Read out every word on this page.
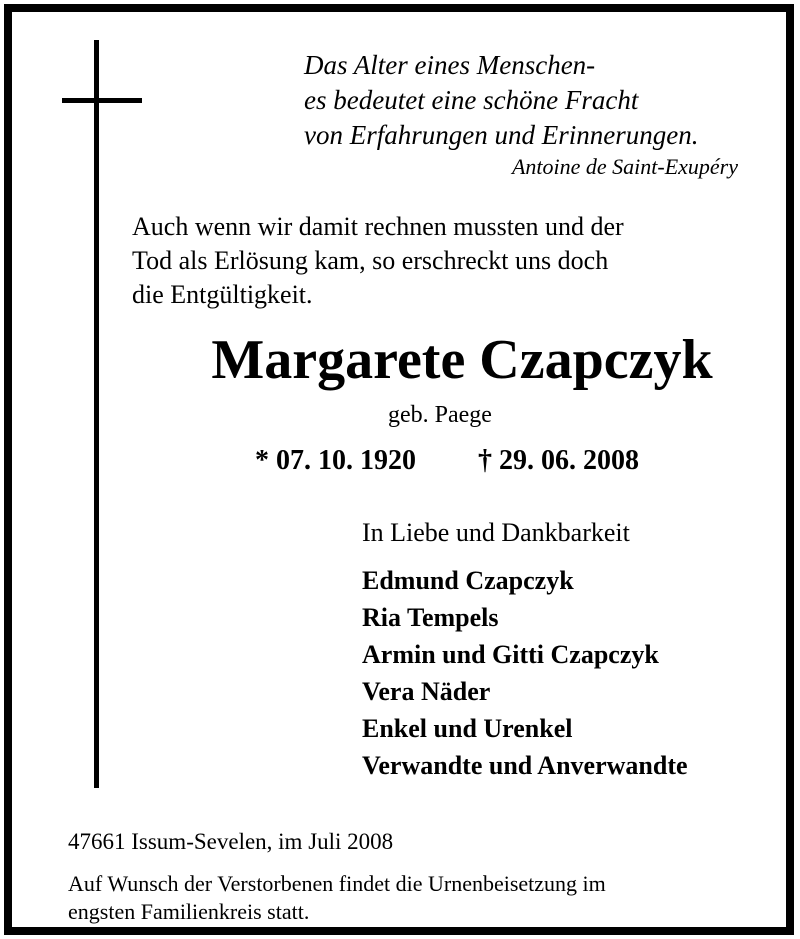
Das Alter eines Menschen-
es bedeutet eine schöne Fracht
von Erfahrungen und Erinnerungen.
Antoine de Saint-Exupéry
Auch wenn wir damit rechnen mussten und der
Tod als Erlösung kam, so erschreckt uns doch
die Entgültigkeit.
Margarete Czapczyk
geb. Paege
* 07. 10. 1920 † 29. 06. 2008
In Liebe und Dankbarkeit
Edmund Czapczyk
Ria Tempels
Armin und Gitti Czapczyk
Vera Näder
Enkel und Urenkel
Verwandte und Anverwandte
47661 Issum-Sevelen, im Juli 2008
Auf Wunsch der Verstorbenen findet die Urnenbeisetzung im
engsten Familienkreis statt.
